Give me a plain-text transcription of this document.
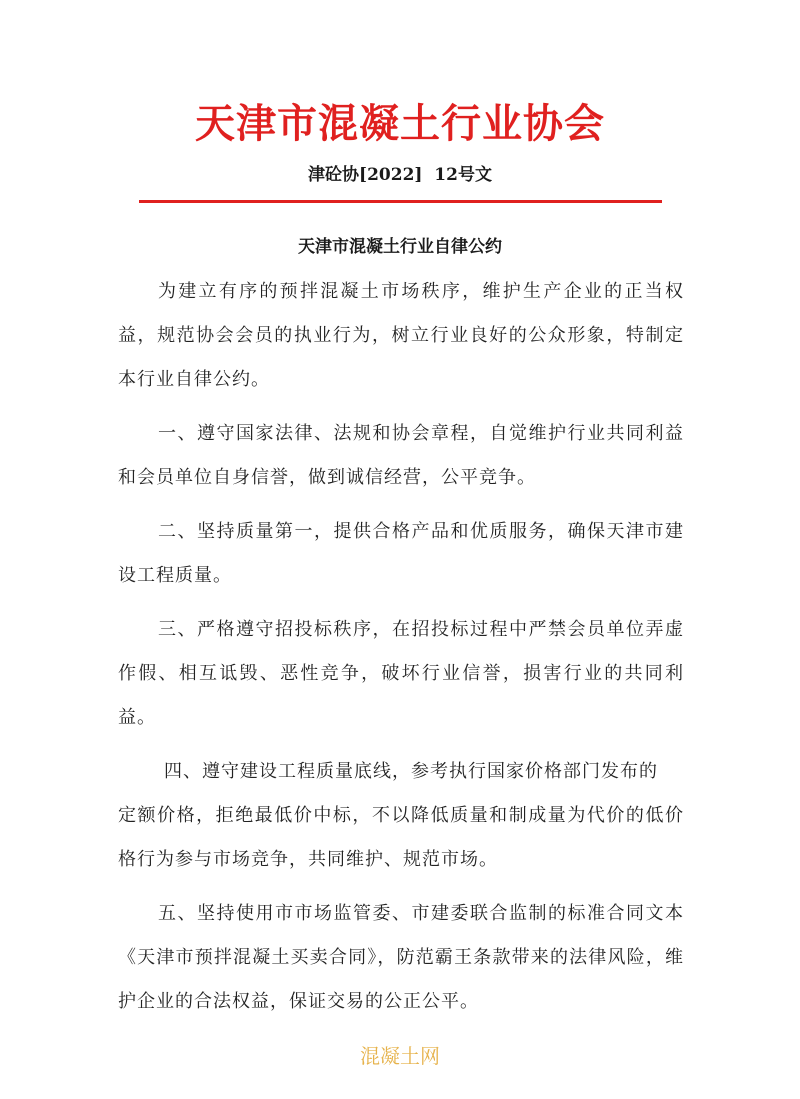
天津市混凝土行业协会
津砼协[2022]  12号文
天津市混凝土行业自律公约

为建立有序的预拌混凝土市场秩序，维护生产企业的正当权益，规范协会会员的执业行为，树立行业良好的公众形象，特制定本行业自律公约。

一、遵守国家法律、法规和协会章程，自觉维护行业共同利益和会员单位自身信誉，做到诚信经营，公平竞争。

二、坚持质量第一，提供合格产品和优质服务，确保天津市建设工程质量。

三、严格遵守招投标秩序，在招投标过程中严禁会员单位弄虚作假、相互诋毁、恶性竞争，破坏行业信誉，损害行业的共同利益。

四、遵守建设工程质量底线，参考执行国家价格部门发布的

定额价格，拒绝最低价中标，不以降低质量和制成量为代价的低价格行为参与市场竞争，共同维护、规范市场。

五、坚持使用市市场监管委、市建委联合监制的标准合同文本《天津市预拌混凝土买卖合同》，防范霸王条款带来的法律风险，维护企业的合法权益，保证交易的公正公平。

混凝土网
